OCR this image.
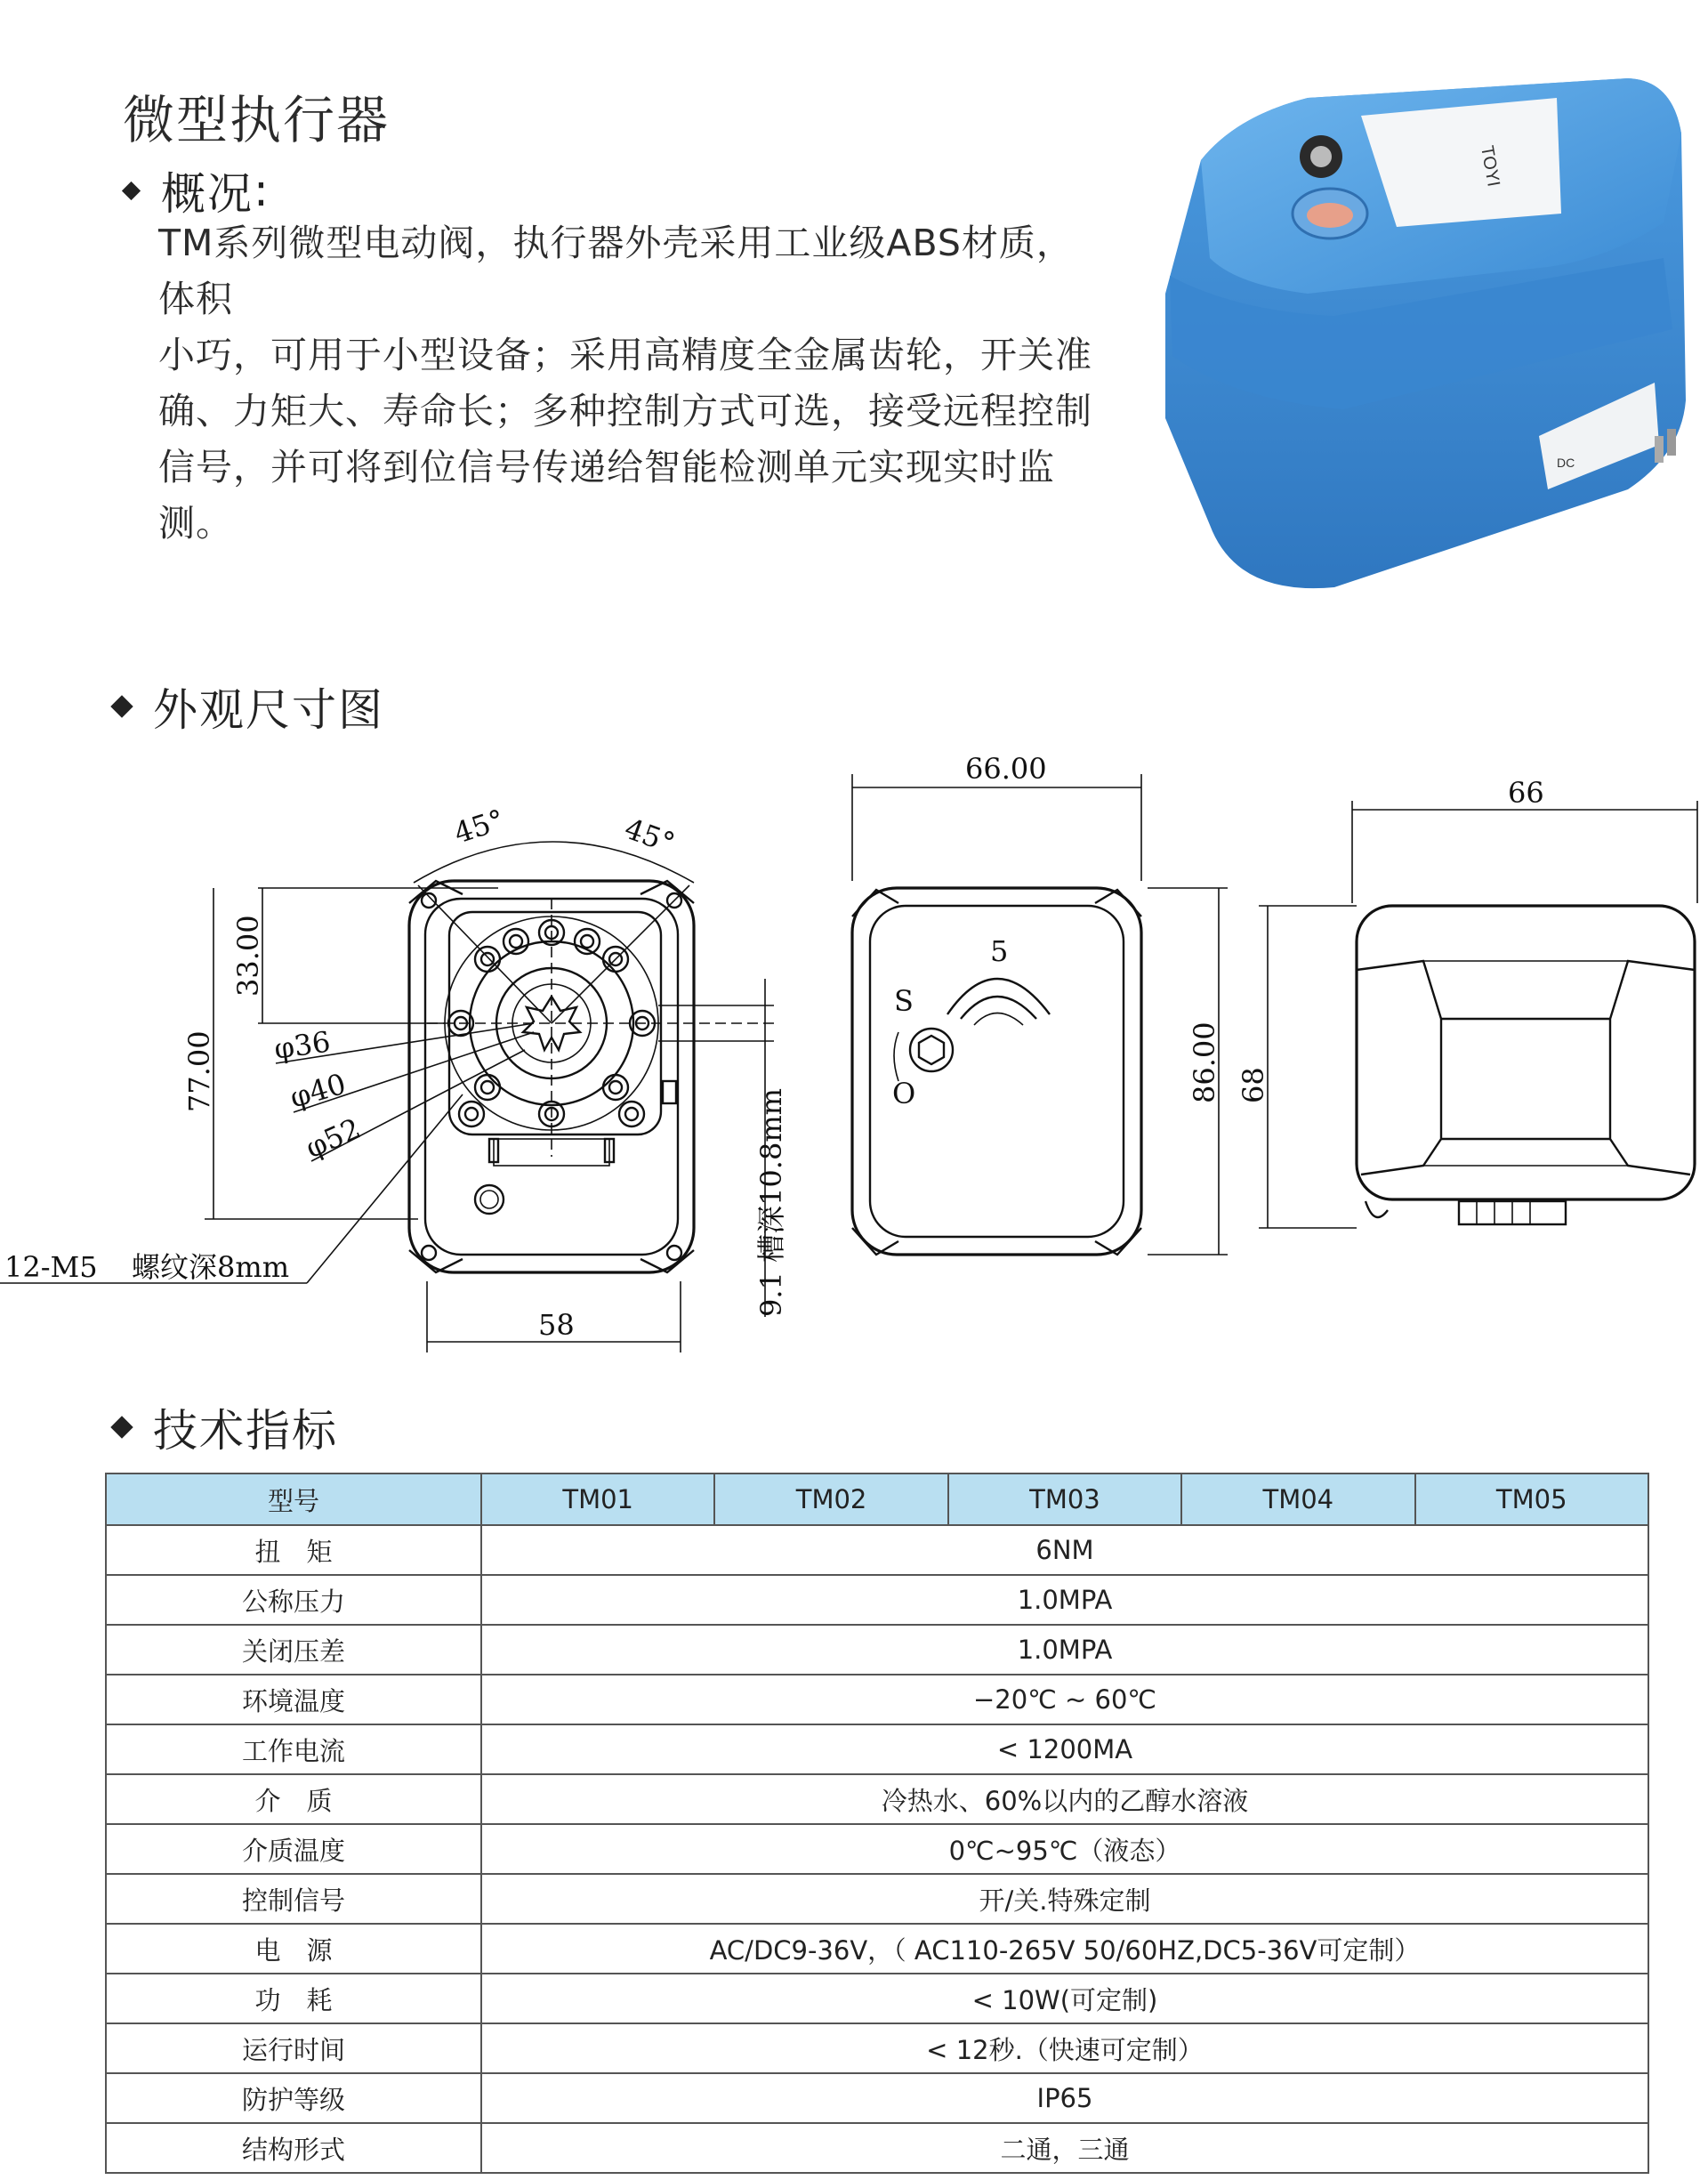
微型执行器
概况 :

TM系列微型电动阀，执行器外壳采用工业级ABS材质，体积

小巧，可用于小型设备；采用高精度全金属齿轮，开关准

确、力矩大、寿命长；多种控制方式可选，接受远程控制

信号，并可将到位信号传递给智能检测单元实现实时监测。

TOYI
DC
外观尺寸图
45°	45°
33.00
77.00 φ36
φ40
φ52
12-M5 螺纹深8mm	9.1 槽深10.8mm
58
66.00
5
S
O	86.00
66
68
技术指标
型号	TM01	TM02	TM03	TM04	TM05
扭　矩	6NM				
公称压力	1.0MPA				
关闭压差	1.0MPA				
环境温度	−20℃ ~ 60℃				
工作电流	< 1200MA				
介　质	冷热水、60%以内的乙醇水溶液				
介质温度	0℃~95℃（液态）				
控制信号	开/关.特殊定制				
电　源	AC/DC9-36V，（ AC110-265V 50/60HZ,DC5-36V可定制）				
功　耗	< 10W(可定制)				
运行时间	< 12秒.（快速可定制）				
防护等级	IP65				
结构形式	二通，三通				
